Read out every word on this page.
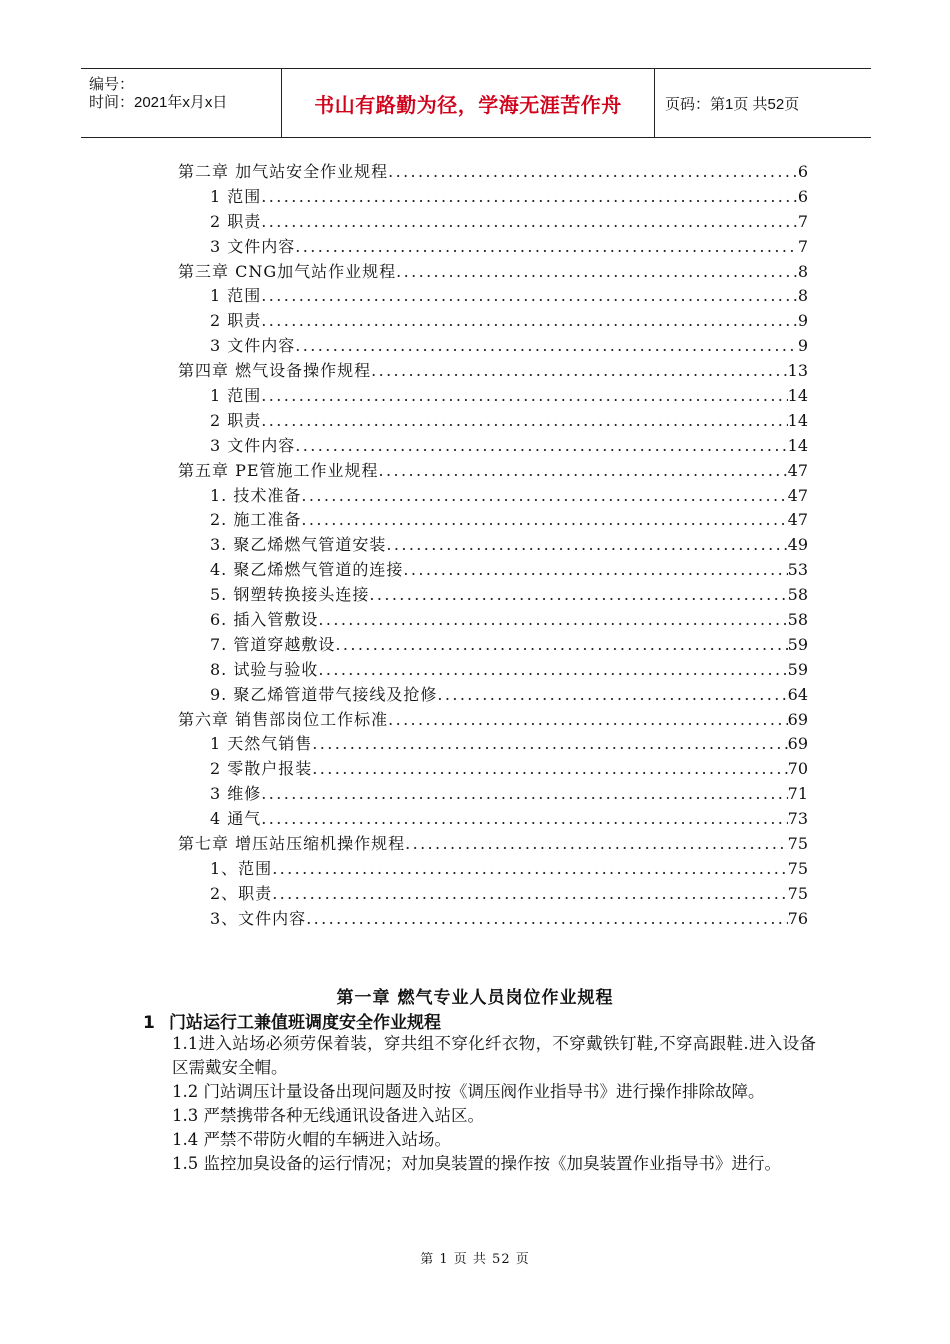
编号：
时间：2021年x月x日	书山有路勤为径，学海无涯苦作舟	页码：第1页 共52页
第二章 加气站安全作业规程 .....	6
1 范围 .....	6
2 职责 .....	7
3 文件内容 .....	7
第三章 CNG加气站作业规程 .....	8
1 范围 .....	8
2 职责 .....	9
3 文件内容 .....	9
第四章 燃气设备操作规程 .....	13
1 范围 .....	14
2 职责 .....	14
3 文件内容 .....	14
第五章 PE管施工作业规程 .....	47
1. 技术准备 .....	47
2. 施工准备 .....	47
3. 聚乙烯燃气管道安装 .....	49
4. 聚乙烯燃气管道的连接 .....	53
5. 钢塑转换接头连接 .....	58
6. 插入管敷设 .....	58
7. 管道穿越敷设 .....	59
8. 试验与验收 .....	59
9. 聚乙烯管道带气接线及抢修 .....	64
第六章 销售部岗位工作标准 .....	69
1 天然气销售 .....	69
2 零散户报装 .....	70
3 维修 .....	71
4 通气 .....	73
第七章 增压站压缩机操作规程 .....	75
1、范围 .....	75
2、职责 .....	75
3、文件内容 .....	76
第一章 燃气专业人员岗位作业规程
1 门站运行工兼值班调度安全作业规程

1.1进入站场必须劳保着装，穿共组不穿化纤衣物，不穿戴铁钉鞋,不穿高跟鞋.进入设备区需戴安全帽。

1.2 门站调压计量设备出现问题及时按《调压阀作业指导书》进行操作排除故障。

1.3 严禁携带各种无线通讯设备进入站区。

1.4 严禁不带防火帽的车辆进入站场。

1.5 监控加臭设备的运行情况；对加臭装置的操作按《加臭装置作业指导书》进行。

第 1 页 共 52 页
